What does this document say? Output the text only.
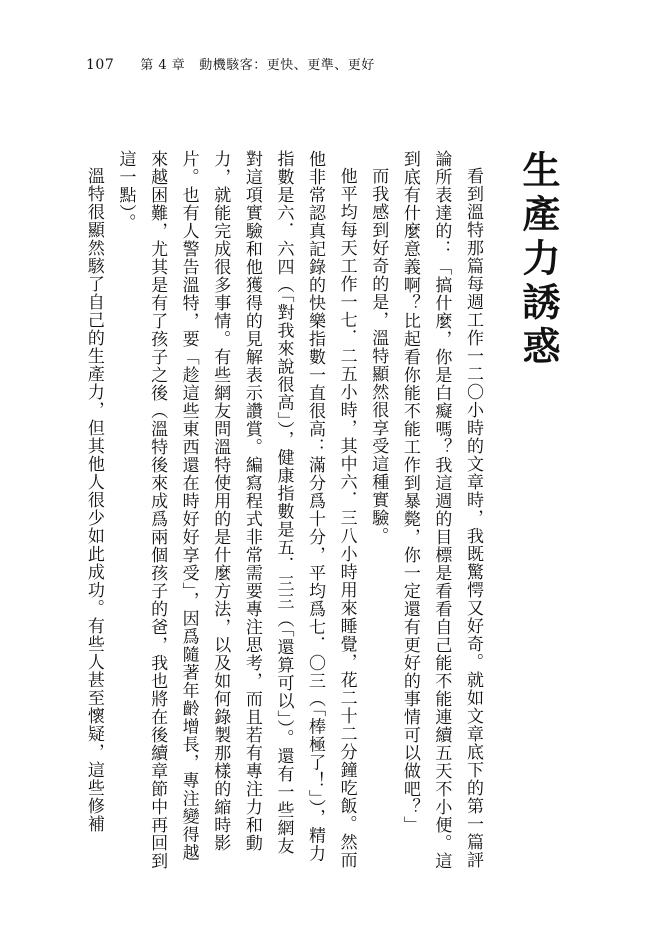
107 第 4 章 動機駭客：更快、更準、更好
生產力誘惑

看到溫特那篇每週工作一二〇小時的文章時，我既驚愕又好奇。就如文章底下的第一篇評論所表達的：「搞什麼，你是白癡嗎？我這週的目標是看看自己能不能連續五天不小便。這到底有什麼意義啊？比起看你能不能工作到暴斃，你一定還有更好的事情可以做吧？」

而我感到好奇的是，溫特顯然很享受這種實驗。

他平均每天工作一七．二五小時，其中六．三八小時用來睡覺，花二十二分鐘吃飯。然而他非常認真記錄的快樂指數一直很高：滿分爲十分，平均爲七．〇三（「棒極了！」），精力指數是六．六四（「對我來說很高」），健康指數是五．三三（「還算可以」）。還有一些網友對這項實驗和他獲得的見解表示讚賞。編寫程式非常需要專注思考，而且若有專注力和動力，就能完成很多事情。有些網友問溫特使用的是什麼方法，以及如何錄製那樣的縮時影片。也有人警告溫特，要「趁這些東西還在時好好享受」，因爲隨著年齡增長，專注變得越來越困難，尤其是有了孩子之後（溫特後來成爲兩個孩子的爸，我也將在後續章節中再回到這一點）。

溫特很顯然駭了自己的生產力，但其他人很少如此成功。有些人甚至懷疑，這些修補
